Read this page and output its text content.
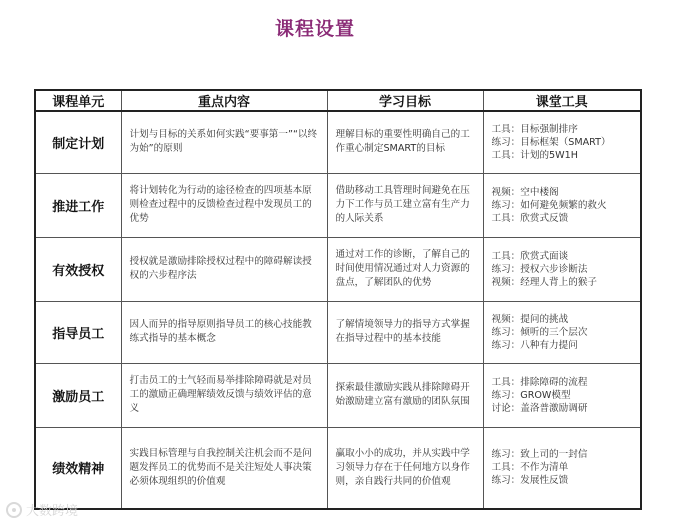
课程设置
课程单元	重点内容	学习目标	课堂工具
制定计划	计划与目标的关系如何实践“要事第一”“以终为始”的原则	理解目标的重要性明确自己的工作重心制定SMART的目标	工具：目标强制排序
练习：目标框架（SMART）
工具：计划的5W1H

推进工作	将计划转化为行动的途径检查的四项基本原则检查过程中的反馈检查过程中发现员工的优势	借助移动工具管理时间避免在压力下工作与员工建立富有生产力的人际关系	视频：空中楼阁
练习：如何避免频繁的救火
工具：欣赏式反馈

有效授权	授权就是激励排除授权过程中的障碍解读授权的六步程序法	通过对工作的诊断，了解自己的时间使用情况通过对人力资源的盘点，了解团队的优势	工具：欣赏式面谈
练习：授权六步诊断法
视频：经理人背上的猴子

指导员工	因人而异的指导原则指导员工的核心技能教练式指导的基本概念	了解情境领导力的指导方式掌握在指导过程中的基本技能	视频：提问的挑战
练习：倾听的三个层次
练习：八种有力提问

激励员工	打击员工的士气轻而易举排除障碍就是对员工的激励正确理解绩效反馈与绩效评估的意义	探索最佳激励实践从排除障碍开始激励建立富有激励的团队氛围	工具：排除障碍的流程
练习：GROW模型
讨论：盖洛普激励调研

绩效精神	实践目标管理与自我控制关注机会而不是问题发挥员工的优势而不是关注短处人事决策必须体现组织的价值观	赢取小小的成功，并从实践中学习领导力存在于任何地方以身作则，亲自践行共同的价值观	练习：致上司的一封信
工具：不作为清单
练习：发展性反馈
大数跨境
